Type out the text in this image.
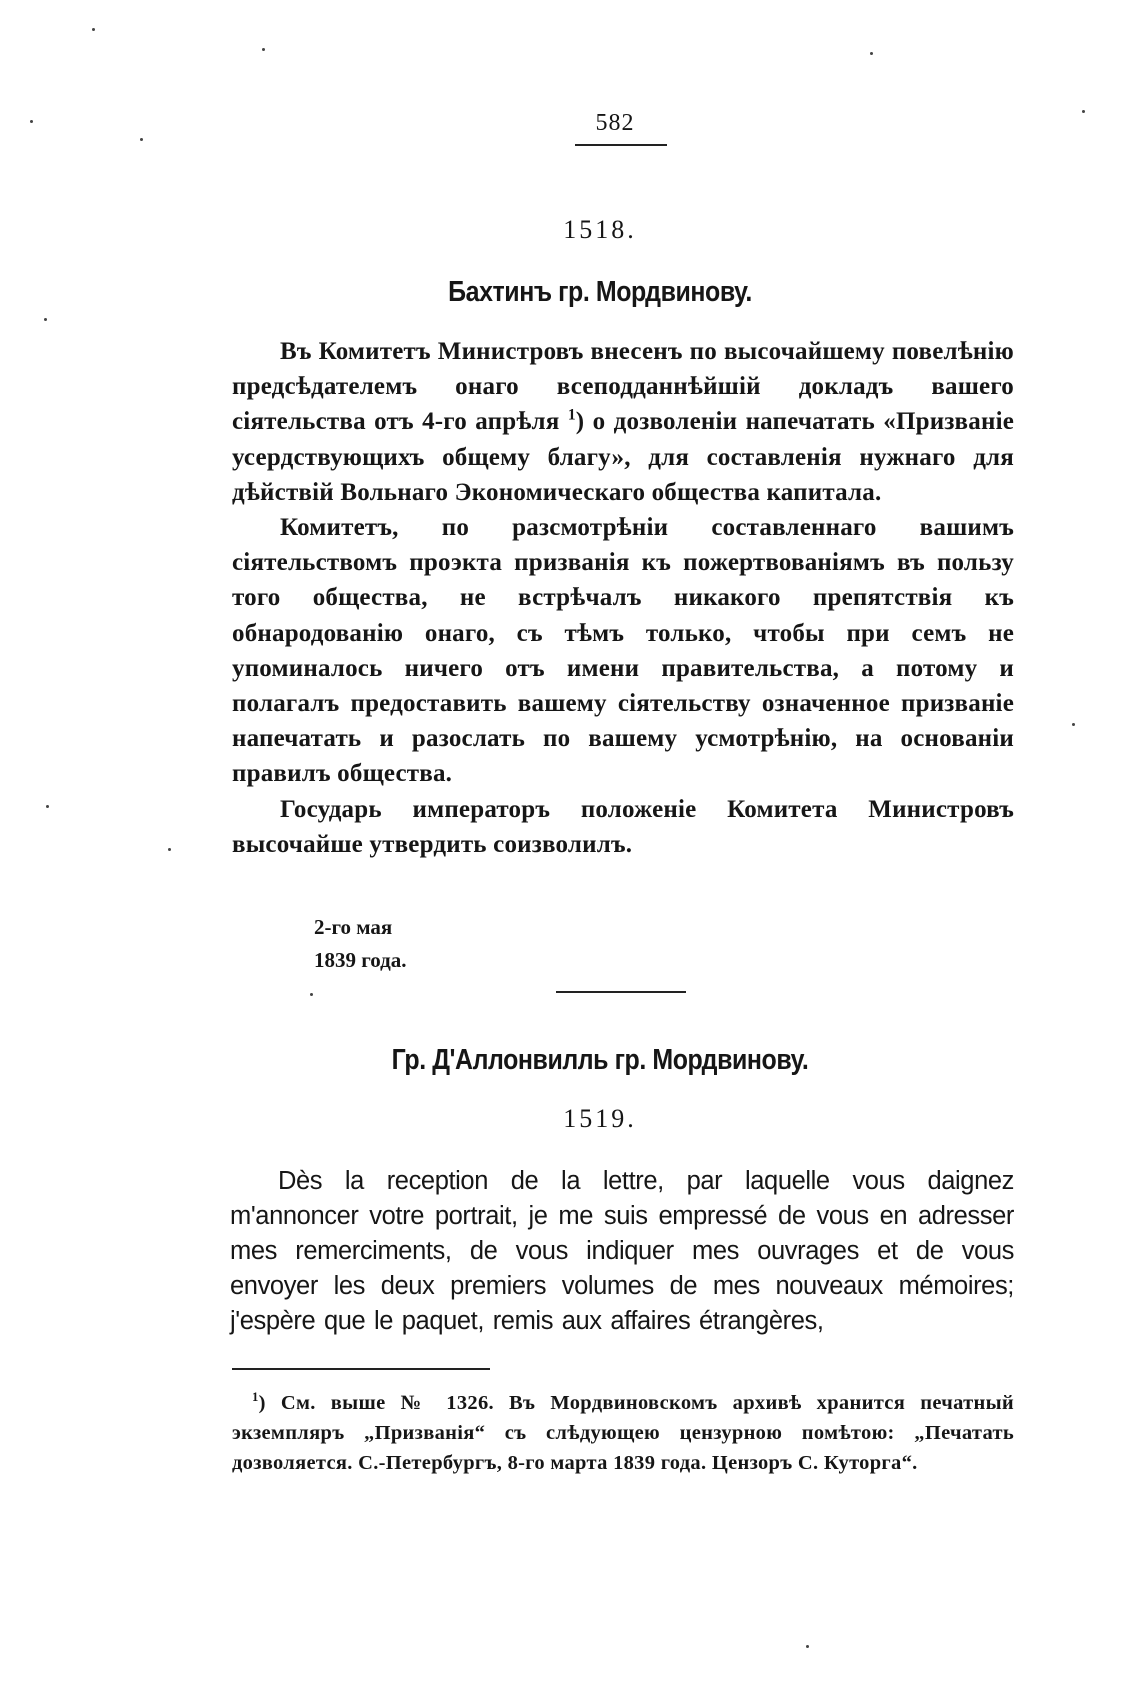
582
1518.
Бахтинъ гр. Мордвинову.

Въ Комитетъ Министровъ внесенъ по высочайшему повелѣнію предсѣдателемъ онаго всеподданнѣйшій докладъ вашего сіятельства отъ 4-го апрѣля $^1$) о дозволеніи напечатать «Призваніе усердствующихъ общему благу», для составленія нужнаго для дѣйствій Вольнаго Экономическаго общества капитала.

Комитетъ, по разсмотрѣніи составленнаго вашимъ сіятельствомъ проэкта призванія къ пожертвованіямъ въ пользу того общества, не встрѣчалъ никакого препятствія къ обнародованію онаго, съ тѣмъ только, чтобы при семъ не упоминалось ничего отъ имени правительства, а потому и полагалъ предоставить вашему сіятельству означенное призваніе напечатать и разослать по вашему усмотрѣнію, на основаніи правилъ общества.

Государь императоръ положеніе Комитета Министровъ высочайше утвердить соизволилъ.

2-го мая
1839 года.
Гр. Д'Аллонвилль гр. Мордвинову.
1519.

Dès la reception de la lettre, par laquelle vous daignez m'annoncer votre portrait, je me suis empressé de vous en adresser mes remerciments, de vous indiquer mes ouvrages et de vous envoyer les deux premiers volumes de mes nouveaux mémoires; j'espère que le paquet, remis aux affaires étrangères,

$^1$) См. выше № 1326. Въ Мордвиновскомъ архивѣ хранится печатный экземпляръ „Призванія“ съ слѣдующею цензурною помѣтою: „Печатать дозволяется. С.-Петербургъ, 8-го марта 1839 года. Цензоръ С. Куторга“.
